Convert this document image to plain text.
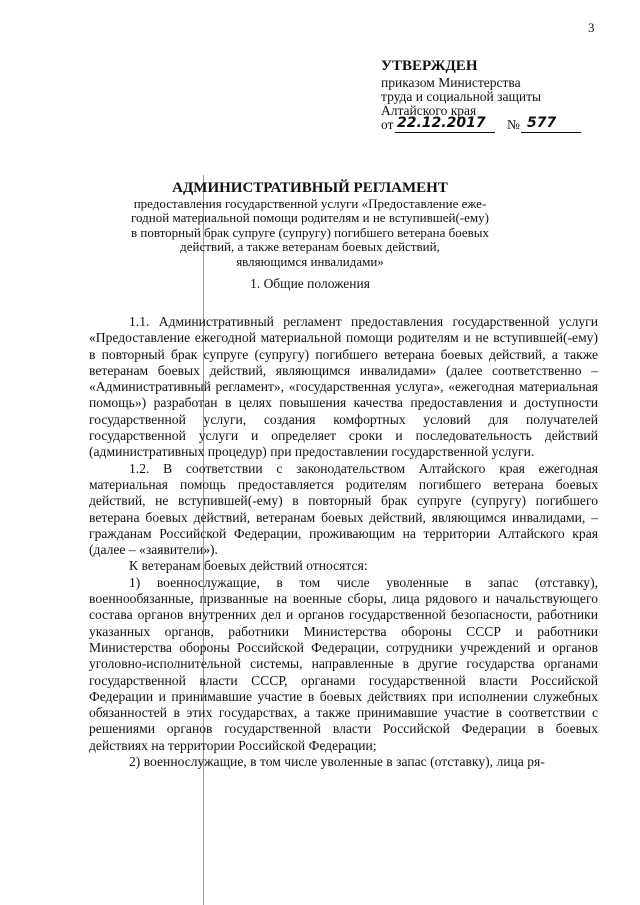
3
УТВЕРЖДЕН
приказом Министерства
труда и социальной защиты
Алтайского края
от 22.12.2017 № 577
АДМИНИСТРАТИВНЫЙ РЕГЛАМЕНТ
предоставления государственной услуги «Предоставление еже-
годной материальной помощи родителям и не вступившей(-ему)
в повторный брак супруге (супругу) погибшего ветерана боевых
действий, а также ветеранам боевых действий,
являющимся инвалидами»
1. Общие положения

1.1. Административный регламент предоставления государственной услуги «Предоставление ежегодной материальной помощи родителям и не вступившей(-ему) в повторный брак супруге (супругу) погибшего ветерана боевых действий, а также ветеранам боевых действий, являющимся инвалидами» (далее соответственно – «Административный регламент», «государственная услуга», «ежегодная материальная помощь») разработан в целях повышения качества предоставления и доступности государственной услуги, создания комфортных условий для получателей государственной услуги и определяет сроки и последовательность действий (административных процедур) при предоставлении государственной услуги.

1.2. В соответствии с законодательством Алтайского края ежегодная материальная помощь предоставляется родителям погибшего ветерана боевых действий, не вступившей(-ему) в повторный брак супруге (супругу) погибшего ветерана боевых действий, ветеранам боевых действий, являющимся инвалидами, – гражданам Российской Федерации, проживающим на территории Алтайского края (далее – «заявители»).

К ветеранам боевых действий относятся:

1) военнослужащие, в том числе уволенные в запас (отставку), военнообязанные, призванные на военные сборы, лица рядового и начальствующего состава органов внутренних дел и органов государственной безопасности, работники указанных органов, работники Министерства обороны СССР и работники Министерства обороны Российской Федерации, сотрудники учреждений и органов уголовно-исполнительной системы, направленные в другие государства органами государственной власти СССР, органами государственной власти Российской Федерации и принимавшие участие в боевых действиях при исполнении служебных обязанностей в этих государствах, а также принимавшие участие в соответствии с решениями органов государственной власти Российской Федерации в боевых действиях на территории Российской Федерации;

2) военнослужащие, в том числе уволенные в запас (отставку), лица ря-
